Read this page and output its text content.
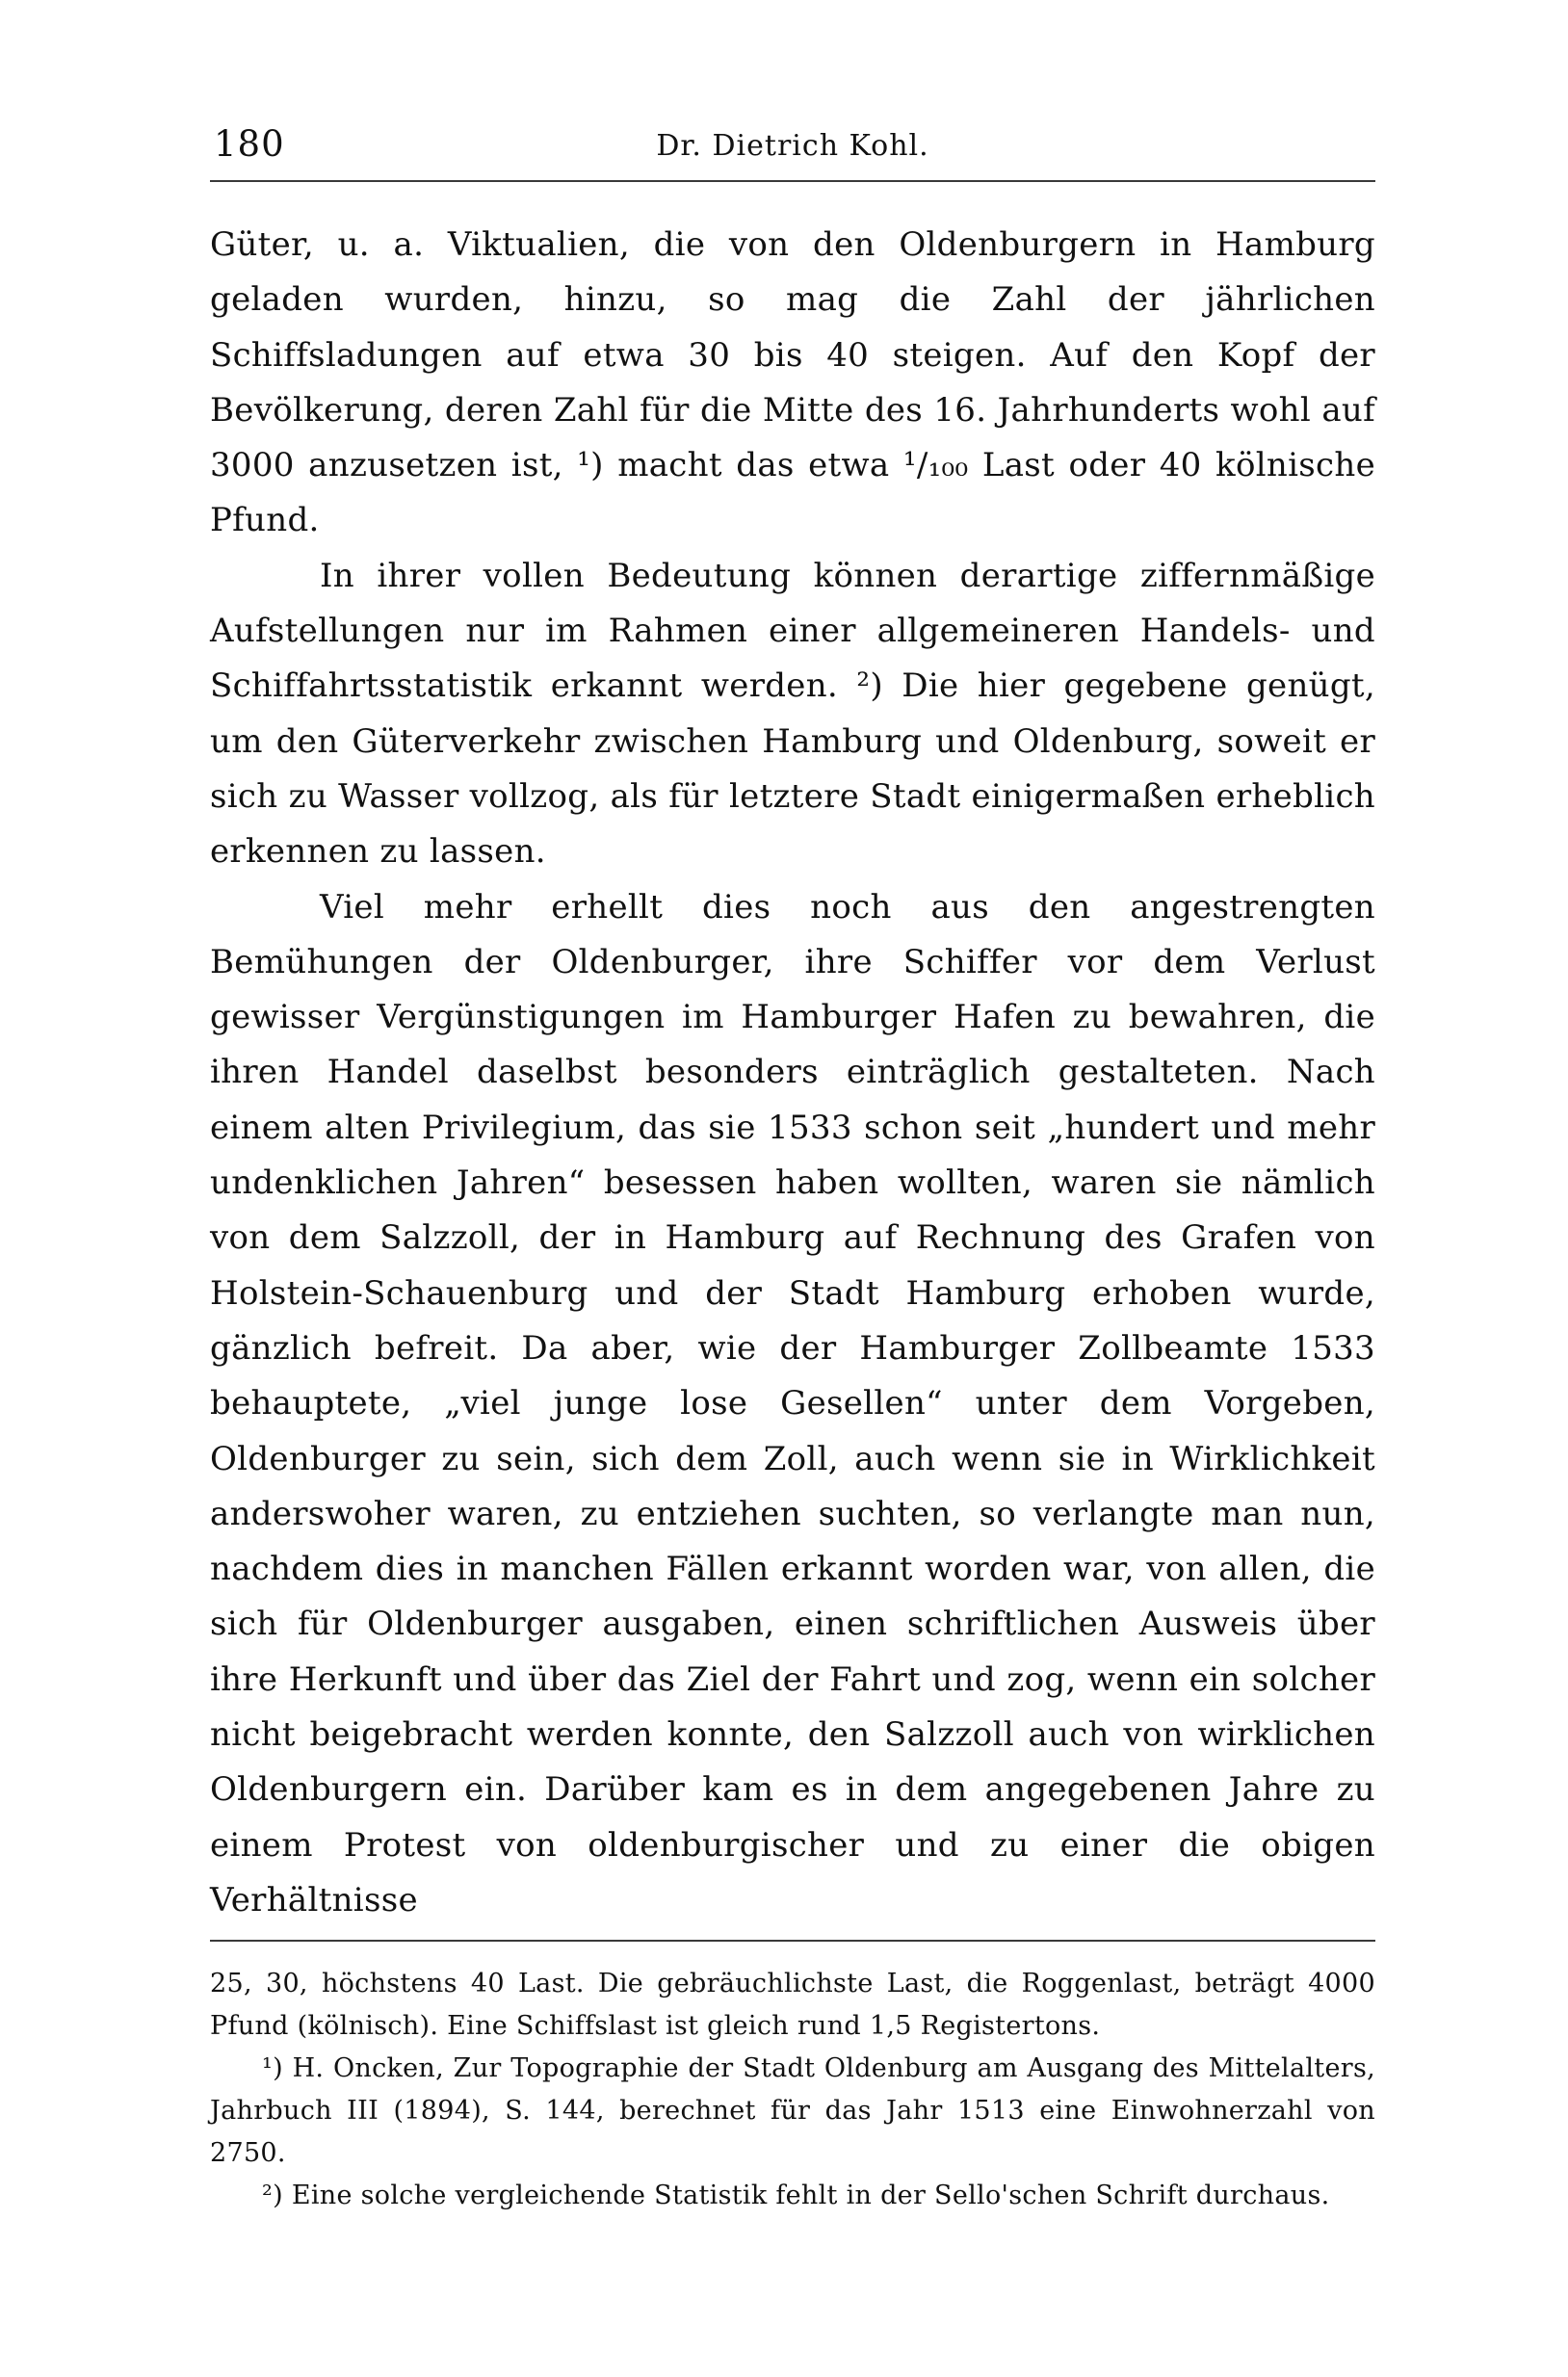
180	Dr. Dietrich Kohl.

Güter, u. a. Viktualien, die von den Oldenburgern in Hamburg geladen wurden, hinzu, so mag die Zahl der jährlichen Schiffsladungen auf etwa 30 bis 40 steigen. Auf den Kopf der Bevölkerung, deren Zahl für die Mitte des 16. Jahrhunderts wohl auf 3000 anzusetzen ist, ¹) macht das etwa ¹/₁₀₀ Last oder 40 kölnische Pfund.

In ihrer vollen Bedeutung können derartige ziffernmäßige Aufstellungen nur im Rahmen einer allgemeineren Handels- und Schiffahrtsstatistik erkannt werden. ²) Die hier gegebene genügt, um den Güterverkehr zwischen Hamburg und Oldenburg, soweit er sich zu Wasser vollzog, als für letztere Stadt einigermaßen erheblich erkennen zu lassen.

Viel mehr erhellt dies noch aus den angestrengten Bemühungen der Oldenburger, ihre Schiffer vor dem Verlust gewisser Vergünstigungen im Hamburger Hafen zu bewahren, die ihren Handel daselbst besonders einträglich gestalteten. Nach einem alten Privilegium, das sie 1533 schon seit „hundert und mehr undenklichen Jahren“ besessen haben wollten, waren sie nämlich von dem Salzzoll, der in Hamburg auf Rechnung des Grafen von Holstein-Schauenburg und der Stadt Hamburg erhoben wurde, gänzlich befreit. Da aber, wie der Hamburger Zollbeamte 1533 behauptete, „viel junge lose Gesellen“ unter dem Vorgeben, Oldenburger zu sein, sich dem Zoll, auch wenn sie in Wirklichkeit anderswoher waren, zu entziehen suchten, so verlangte man nun, nachdem dies in manchen Fällen erkannt worden war, von allen, die sich für Oldenburger ausgaben, einen schriftlichen Ausweis über ihre Herkunft und über das Ziel der Fahrt und zog, wenn ein solcher nicht beigebracht werden konnte, den Salzzoll auch von wirklichen Oldenburgern ein. Darüber kam es in dem angegebenen Jahre zu einem Protest von oldenburgischer und zu einer die obigen Verhältnisse

25, 30, höchstens 40 Last. Die gebräuchlichste Last, die Roggenlast, beträgt 4000 Pfund (kölnisch). Eine Schiffslast ist gleich rund 1,5 Registertons.

¹) H. Oncken, Zur Topographie der Stadt Oldenburg am Ausgang des Mittelalters, Jahrbuch III (1894), S. 144, berechnet für das Jahr 1513 eine Einwohnerzahl von 2750.

²) Eine solche vergleichende Statistik fehlt in der Sello'schen Schrift durchaus.
